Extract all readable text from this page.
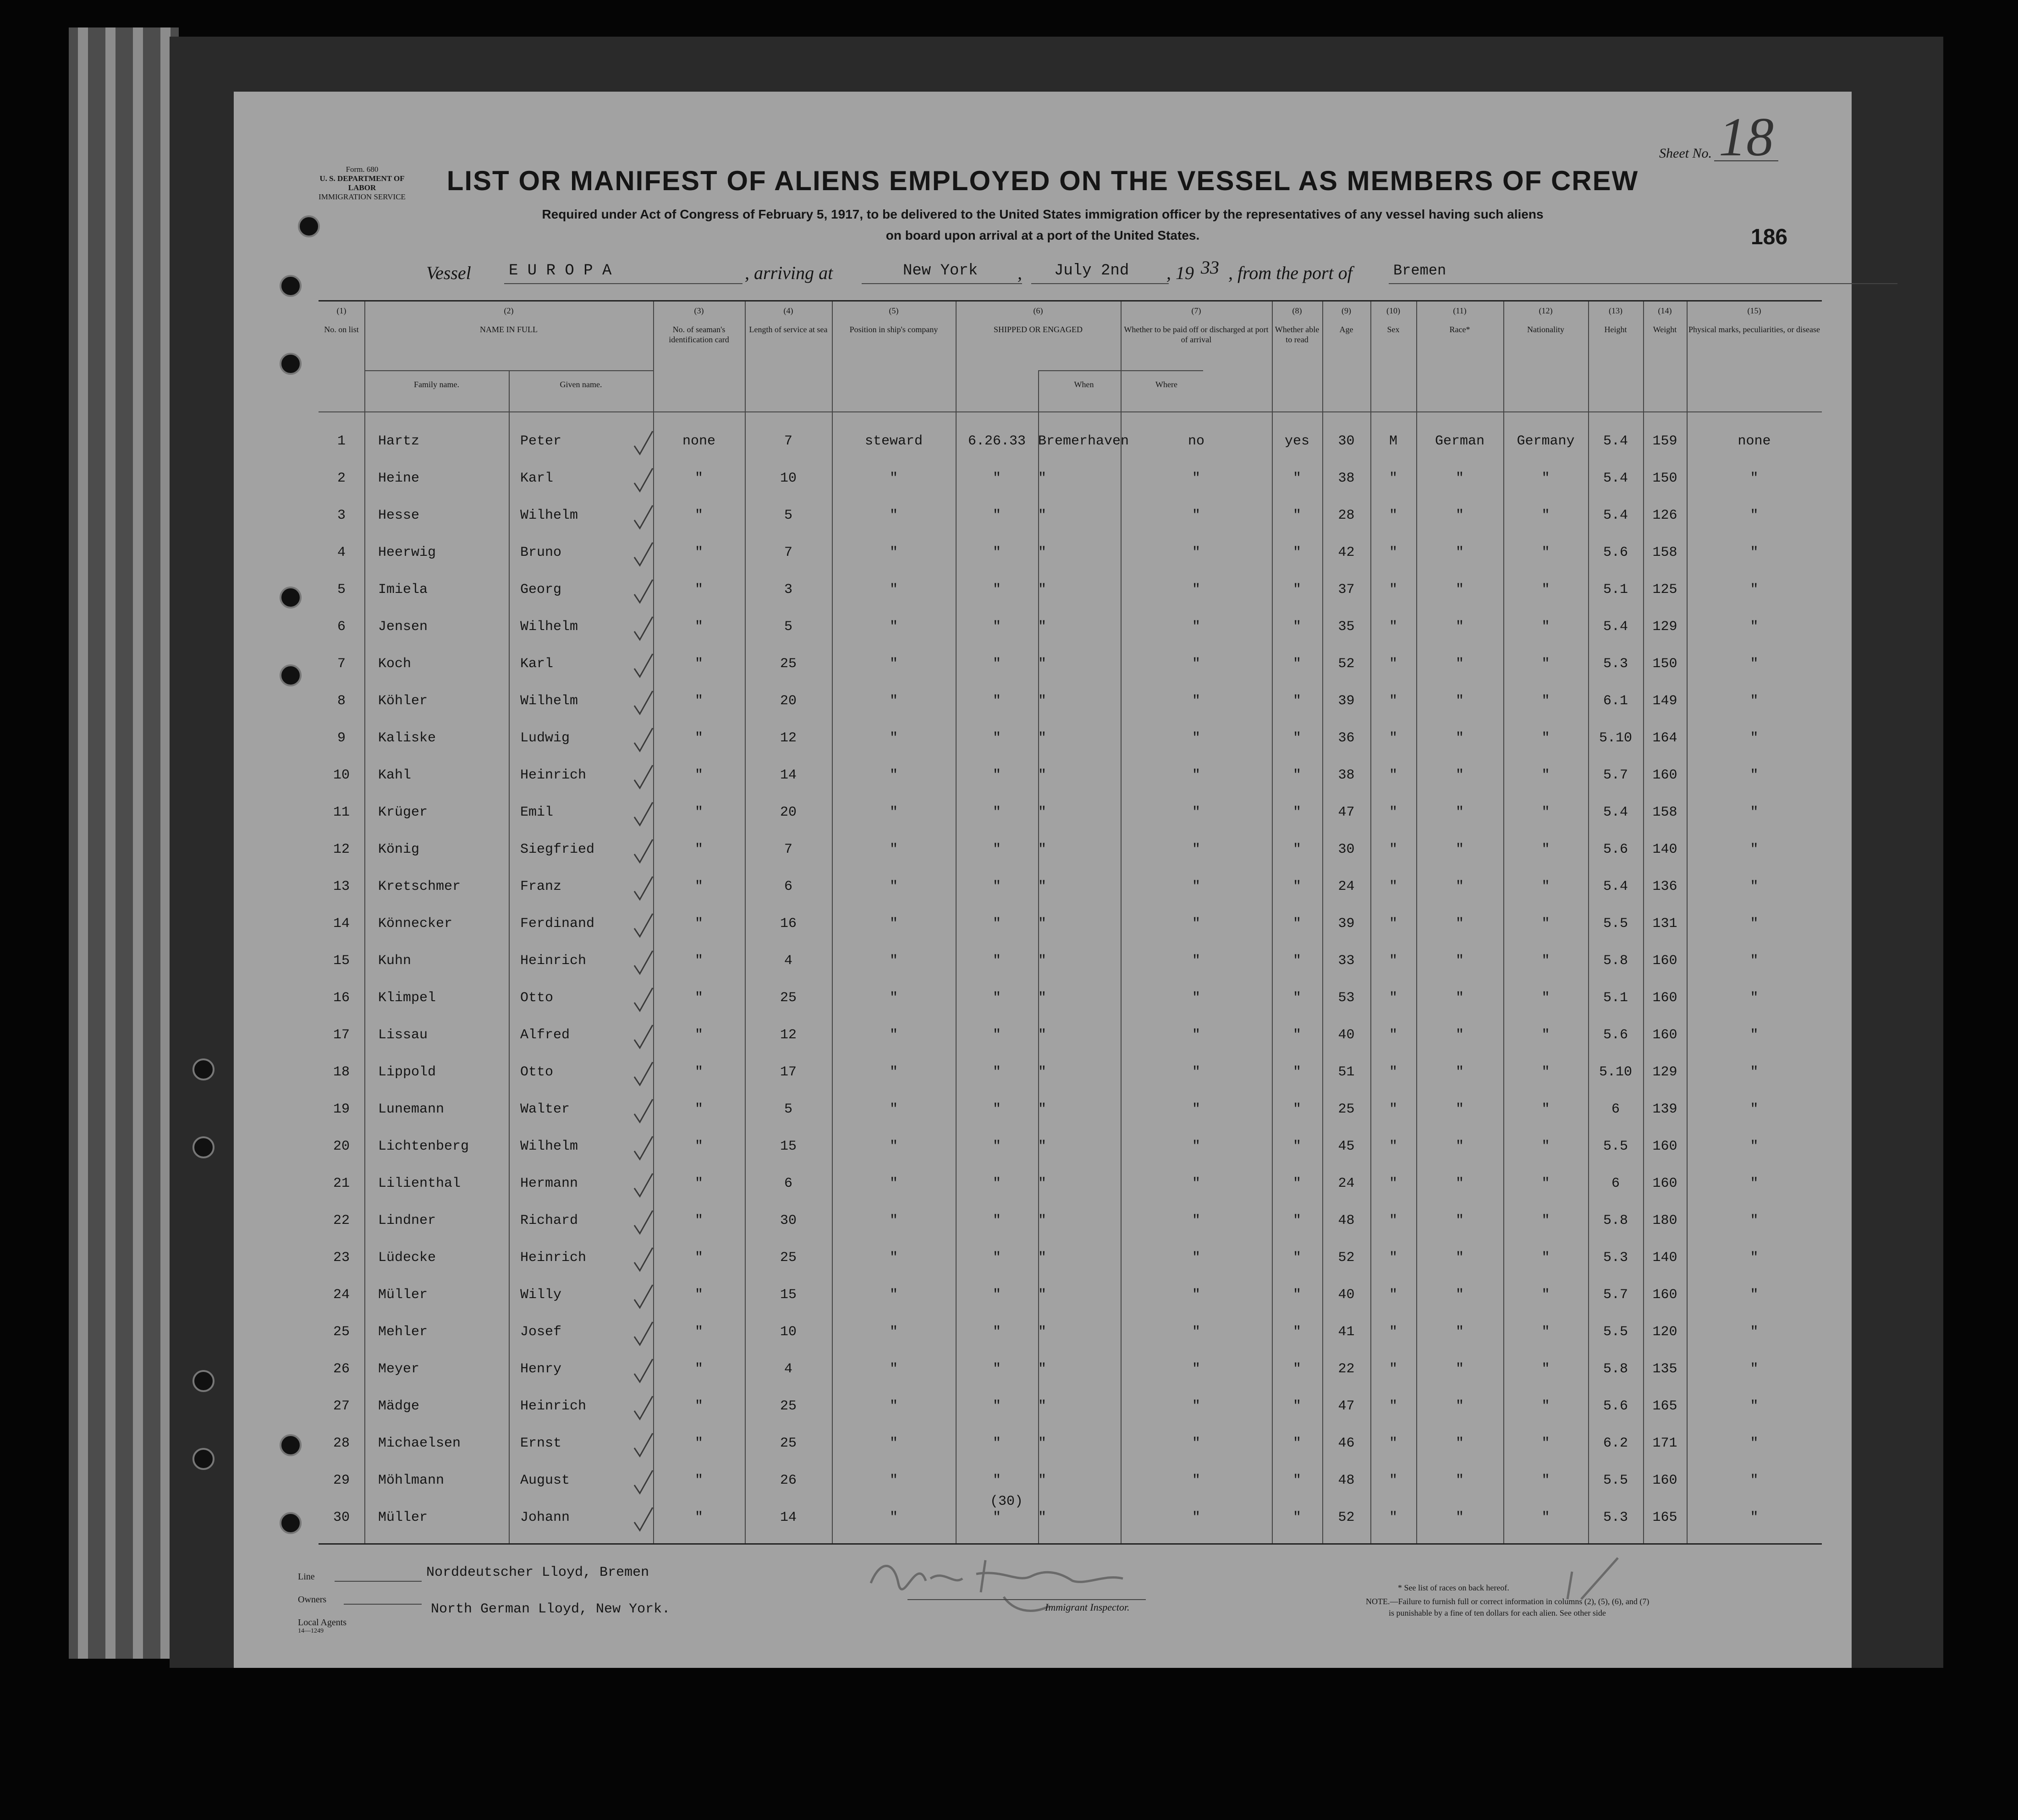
Form. 680
U. S. DEPARTMENT OF LABOR
IMMIGRATION SERVICE
LIST OR MANIFEST OF ALIENS EMPLOYED ON THE VESSEL AS MEMBERS OF CREW
Required under Act of Congress of February 5, 1917, to be delivered to the United States immigration officer by the representatives of any vessel having such aliens
on board upon arrival at a port of the United States.
Sheet No. 18
186
Vessel E U R O P A	, arriving at	New York , July 2nd , 19 33 , from the port of	Bremen
Family name.	Given name.	When	Where
(1)
No. on list
(2)
NAME IN FULL
(3)
No. of seaman's identification card
(4)
Length of service at sea
(5)
Position in ship's company
(6)
SHIPPED OR ENGAGED
(7)
Whether to be paid off or discharged at port of arrival
(8)
Whether able to read
(9)
Age
(10)
Sex
(11)
Race*
(12)
Nationality
(13)
Height
(14)
Weight
(15)
Physical marks, peculiarities, or disease
1	Hartz	Peter	none	7	steward	6.26.33 Bremerhaven	no	yes	30	M	German	Germany	5.4	159	none
2	Heine	Karl	"	10	"	"	"	"	"	38	"	"	"	5.4	150	"
3	Hesse	Wilhelm	"	5	"	"	"	"	"	28	"	"	"	5.4	126	"
4	Heerwig	Bruno	"	7	"	"	"	"	"	42	"	"	"	5.6	158	"
5	Imiela	Georg	"	3	"	"	"	"	"	37	"	"	"	5.1	125	"
6	Jensen	Wilhelm	"	5	"	"	"	"	"	35	"	"	"	5.4	129	"
7	Koch	Karl	"	25	"	"	"	"	"	52	"	"	"	5.3	150	"
8	Köhler	Wilhelm	"	20	"	"	"	"	"	39	"	"	"	6.1	149	"
9	Kaliske	Ludwig	"	12	"	"	"	"	"	36	"	"	"	5.10	164	"
10	Kahl	Heinrich	"	14	"	"	"	"	"	38	"	"	"	5.7	160	"
11	Krüger	Emil	"	20	"	"	"	"	"	47	"	"	"	5.4	158	"
12	König	Siegfried	"	7	"	"	"	"	"	30	"	"	"	5.6	140	"
13	Kretschmer	Franz	"	6	"	"	"	"	"	24	"	"	"	5.4	136	"
14	Könnecker	Ferdinand	"	16	"	"	"	"	"	39	"	"	"	5.5	131	"
15	Kuhn	Heinrich	"	4	"	"	"	"	"	33	"	"	"	5.8	160	"
16	Klimpel	Otto	"	25	"	"	"	"	"	53	"	"	"	5.1	160	"
17	Lissau	Alfred	"	12	"	"	"	"	"	40	"	"	"	5.6	160	"
18	Lippold	Otto	"	17	"	"	"	"	"	51	"	"	"	5.10	129	"
19	Lunemann	Walter	"	5	"	"	"	"	"	25	"	"	"	6	139	"
20	Lichtenberg	Wilhelm	"	15	"	"	"	"	"	45	"	"	"	5.5	160	"
21	Lilienthal	Hermann	"	6	"	"	"	"	"	24	"	"	"	6	160	"
22	Lindner	Richard	"	30	"	"	"	"	"	48	"	"	"	5.8	180	"
23	Lüdecke	Heinrich	"	25	"	"	"	"	"	52	"	"	"	5.3	140	"
24	Müller	Willy	"	15	"	"	"	"	"	40	"	"	"	5.7	160	"
25	Mehler	Josef	"	10	"	"	"	"	"	41	"	"	"	5.5	120	"
26	Meyer	Henry	"	4	"	"	"	"	"	22	"	"	"	5.8	135	"
27	Mädge	Heinrich	"	25	"	"	"	"	"	47	"	"	"	5.6	165	"
28	Michaelsen	Ernst	"	25	"	"	"	"	"	46	"	"	"	6.2	171	"
29	Möhlmann	August	"	26	"	"	"	"	"	48	"	"	"	5.5	160	"
30	Müller	Johann	"	14	"	"	"	"	"	52	"	"	"	5.3	165	"
(30)
Line	Norddeutscher Lloyd, Bremen
Owners
Local Agents
14—1249
North German Lloyd, New York.	Immigrant Inspector.
* See list of races on back hereof.
NOTE.—Failure to furnish full or correct information in columns (2), (5), (6), and (7)
is punishable by a fine of ten dollars for each alien. See other side
